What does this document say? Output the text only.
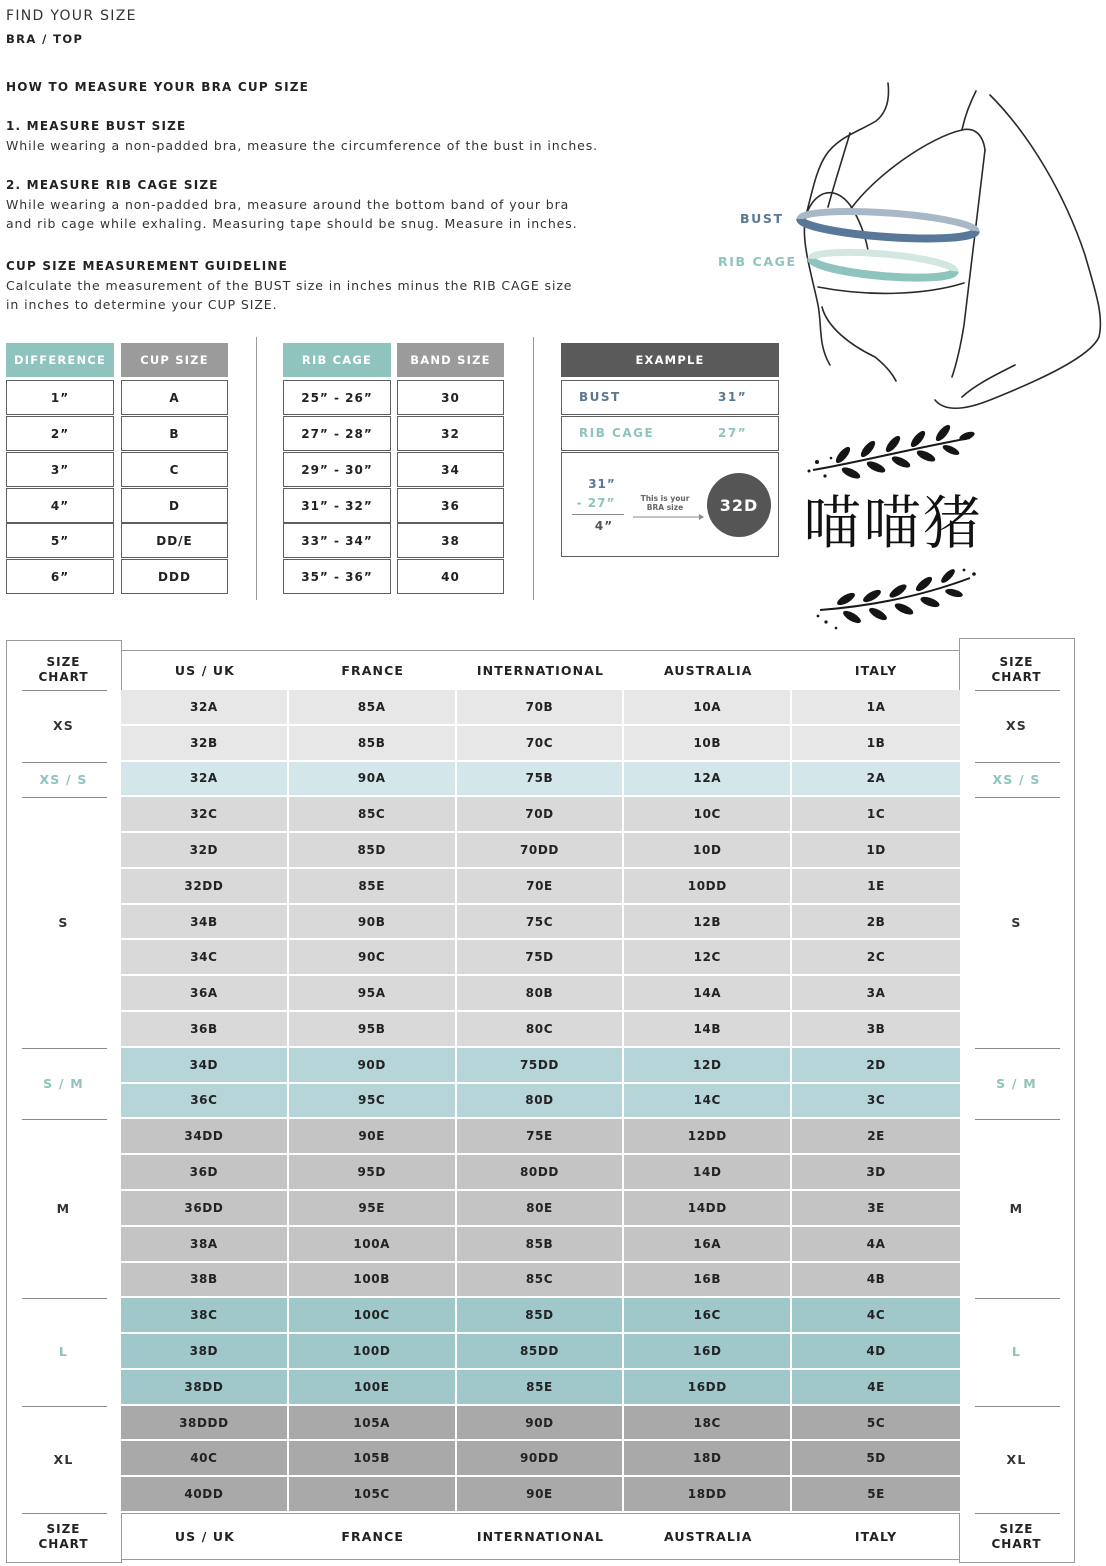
FIND YOUR SIZE
BRA / TOP
HOW TO MEASURE YOUR BRA CUP SIZE
1. MEASURE BUST SIZE
While wearing a non-padded bra, measure the circumference of the bust in inches.
2. MEASURE RIB CAGE SIZE
While wearing a non-padded bra, measure around the bottom band of your bra
and rib cage while exhaling. Measuring tape should be snug. Measure in inches.
CUP SIZE MEASUREMENT GUIDELINE
Calculate the measurement of the BUST size in inches minus the RIB CAGE size
in inches to determine your CUP SIZE.
DIFFERENCE	CUP SIZE
1”	A
2”	B
3”	C
4”	D
5”	DD/E
6”	DDD
RIB CAGE	BAND SIZE
25” - 26”	30
27” - 28”	32
29” - 30”	34
31” - 32”	36
33” - 34”	38
35” - 36”	40
EXAMPLE
BUST	31”
RIB CAGE	27”
31”
- 27”
4”
This is your
BRA size	32D
BUST
RIB CAGE
喵喵猪
SIZE CHART
SIZE CHART
SIZE CHART
SIZE CHART
US / UK	FRANCE	INTERNATIONAL	AUSTRALIA	ITALY
32A	85A	70B	10A	1A
32B	85B	70C	10B	1B
XS	XS
32A	90A	75B	12A	2A
XS / S	XS / S
32C	85C	70D	10C	1C
32D	85D	70DD	10D	1D
32DD	85E	70E	10DD	1E
34B	90B	75C	12B	2B
34C	90C	75D	12C	2C
36A	95A	80B	14A	3A
36B	95B	80C	14B	3B
S	S
34D	90D	75DD	12D	2D
36C	95C	80D	14C	3C
S / M	S / M
34DD	90E	75E	12DD	2E
36D	95D	80DD	14D	3D
36DD	95E	80E	14DD	3E
38A	100A	85B	16A	4A
38B	100B	85C	16B	4B
M	M
38C	100C	85D	16C	4C
38D	100D	85DD	16D	4D
38DD	100E	85E	16DD	4E
L	L
38DDD	105A	90D	18C	5C
40C	105B	90DD	18D	5D
40DD	105C	90E	18DD	5E
XL	XL
US / UK	FRANCE	INTERNATIONAL	AUSTRALIA	ITALY
